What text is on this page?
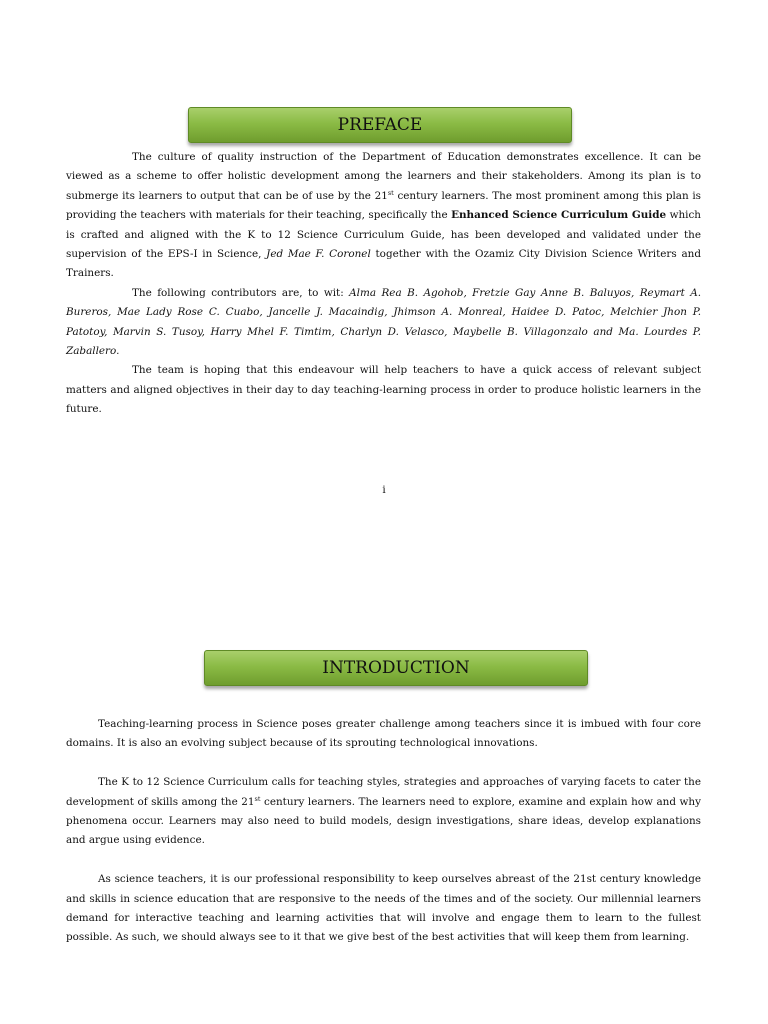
PREFACE

The culture of quality instruction of the Department of Education demonstrates excellence. It can be viewed as a scheme to offer holistic development among the learners and their stakeholders. Among its plan is to submerge its learners to output that can be of use by the 21st century learners. The most prominent among this plan is providing the teachers with materials for their teaching, specifically the Enhanced Science Curriculum Guide which is crafted and aligned with the K to 12 Science Curriculum Guide, has been developed and validated under the supervision of the EPS-I in Science, Jed Mae F. Coronel together with the Ozamiz City Division Science Writers and Trainers.

The following contributors are, to wit: Alma Rea B. Agohob, Fretzie Gay Anne B. Baluyos, Reymart A. Bureros, Mae Lady Rose C. Cuabo, Jancelle J. Macaindig, Jhimson A. Monreal, Haidee D. Patoc, Melchier Jhon P. Patotoy, Marvin S. Tusoy, Harry Mhel F. Timtim, Charlyn D. Velasco, Maybelle B. Villagonzalo and Ma. Lourdes P. Zaballero.

The team is hoping that this endeavour will help teachers to have a quick access of relevant subject matters and aligned objectives in their day to day teaching-learning process in order to produce holistic learners in the future.

i
INTRODUCTION

Teaching-learning process in Science poses greater challenge among teachers since it is imbued with four core domains. It is also an evolving subject because of its sprouting technological innovations.

The K to 12 Science Curriculum calls for teaching styles, strategies and approaches of varying facets to cater the development of skills among the 21st century learners. The learners need to explore, examine and explain how and why phenomena occur. Learners may also need to build models, design investigations, share ideas, develop explanations and argue using evidence.

As science teachers, it is our professional responsibility to keep ourselves abreast of the 21st century knowledge and skills in science education that are responsive to the needs of the times and of the society. Our millennial learners demand for interactive teaching and learning activities that will involve and engage them to learn to the fullest possible. As such, we should always see to it that we give best of the best activities that will keep them from learning.
